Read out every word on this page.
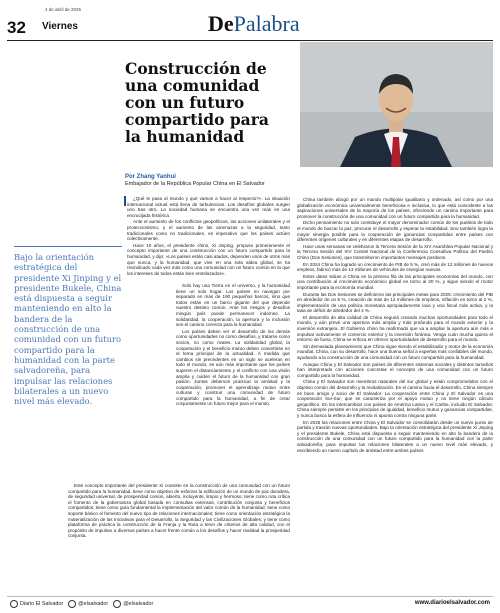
4 de abril de 2025
32 Viernes	DePalabra
Construcción de una comunidad con un futuro compartido para la humanidad
Por Zhang Yanhui
Embajador de la República Popular China en El Salvador

¿Qué le pasa al mundo y qué vamos a hacer al respecto?». La situación internacional actual está llena de turbulencias. Los desafíos globales surgen uno tras otro. La sociedad humana se encuentra una vez más en una encrucijada histórica.

Ante el aumento de los conflictos geopolíticos, las acciones unilaterales y el proteccionismo, y el aumento de las amenazas a la seguridad, tanto tradicionales como no tradicionales, es imperativo que los países actúen colectivamente.

Hace 10 años, el presidente chino, Xi Jinping, propuso primeramente el concepto importante de una construcción con un futuro compartido para la humanidad, y dijo: «Los países están casi atados, dependen unos de otros más que nunca, y la humanidad, que vive en una sola aldea global, se ha revindicado cada vez más como una comunidad con un futuro común en la que los intereses de todos están bien entrelazados».

Bajo la orientación estratégica del presidente Xi Jinping y el presidente Bukele, China está dispuesta a seguir manteniendo en alto la bandera de la construcción de una comunidad con un futuro compartido para la humanidad con la parte salvadoreña, para impulsar las relaciones bilaterales a un nuevo nivel más elevado.

Solo hay una Tierra en el universo, y la humanidad tiene un solo hogar. Los países no navegan por separado en más de 190 pequeños barcos, sino que todos están en un barco gigante del que depende nuestro destino común. Ante los riesgos y desafíos mingún país puede permanecer indemne. La solidaridad, la cooperación, la apertura y la inclusión son el camino correcto para la humanidad.

Los países deben ver el desarrollo de los demás como oportunidades no como desafíos, y tratarse como socios, no como rivales. La solidaridad global, la cooperación y el beneficio mutuo deben convertirse en el tema principal de la actualidad. A medida que cambios sin precedentes en un siglo se aceleran en todo el mundo, es aún más importante que los países superen el distanciamiento y el conflicto con una visión amplia y cuiden el futuro de la humanidad con gran pasión. Juntos debemos practicar la amistad y la cooperación, promover el aprendizaje mutuo entre culturas y construir una comunidad de futuro compartido para la humanidad, a fin de crear conjuntamente un futuro mejor para el mundo.

Este concepto importante del presidente Xi consiste en la construcción de una comunidad con un futuro compartido para la humanidad, tiene como objetivo de esforzar la edificación de un mundo de paz duradera, de seguridad universal, de prosperidad común, abierto, incluyente, limpio y hermoso; tiene como ruta crítica el fomento de la gobernanza global basada en consultas extensas, contribución conjunta y beneficios compartidos; tiene como guía fundamental la implementación del valor común de la humanidad; tiene como soporte básico el fomento del nuevo tipo de relaciones internacionales; tiene como orientación estratégica la materialización de las Iniciativas para el Desarrollo, la Seguridad y las Civilizaciones Globales; y tiene como plataforma de práctica la construcción de la Franja y la Ruta a tenor de criterios de alta calidad, con el propósito de impulsar a diversos países a hacer frente común a los desafíos y hacer realidad la prosperidad conjunta.

China también abogó por un mundo multipolar igualitario y ordenado, así como por una globalización económica universalmente beneficiosa e inclusiva, lo que está coincidente a las aspiraciones universales de la mayoría de los países, ofreciendo un camino importante para promover la construcción de una comunidad con un futuro compartido para la humanidad.

Dicho pensamiento no solo constituye el mayor denominador común de los pueblos de todo el mundo de buscar la paz, procurar el desarrollo y esperar la estabilidad, sino también logra la mayor sinergia posible para la cooperación de ganancias compartidas entre países con diferentes orígenes culturales y en diferentes etapas de desarrollo.

Hace unas semanas se celebraron la Tercera Sesión de la XIV Asamblea Popular Nacional y la Tercera Sesión del XIV Comité Nacional de la Conferencia Consultiva Política del Pueblo Chino (Dos Sesiones), que transmitieron importantes mensajes positivos.

En 2024 China ha logrado un crecimiento de PIB de 5 %, creó más de 12 millones de nuevos empleos, fabricó más de 13 millones de vehículos de energías nuevas.

Estos datos sitúan a China en la primera fila de las principales economías del mundo, con una contribución al crecimiento económico global en torno al 30 %, y sigue siendo el motor importante para la economía mundial.

Durante las Dos Sesiones se definieron las principales metas para 2025: crecimiento del PIB en alrededor de un 5 %, creación de más de 12 millones de empleos, inflación en torno al 2 %, implementación de una política monetaria apropiadamente laxa y una fiscal más activa, y la tasa de déficit de alrededor del 4 %.

El desarrollo de alta calidad de China seguirá creando muchas oportunidades para todo el mundo, y aún prevé una apertura más amplia y más profunda para el mundo exterior y la inversión extranjera. El Gobierno chino ha reafirmado que va a ampliar la apertura aún más e impulsar activamente el comercio exterior y la inversión foránea. Venga cuán mucha quiera el entorno de fuera, China se enfoca en ofrecer oportunidades de desarrollo para el mundo.

Sin demasiada planeamiento que China sigue siendo el estabilizador y motor de la economía mundial. China, con su desarrollo, hace una buena señal a expertas más confiables del mundo, ayudando a la construcción de una comunidad con un futuro compartido para la humanidad.

Aunque China y El Salvador son países de diferentes sistemas sociales y distintos tamaños han interpretado con acciones concretas el concepto de una comunidad con un futuro compartido para la humanidad.

China y El Salvador son miembros naturales del sur global y están comprometidos con el objetivo común del desarrollo y la revitalización. En el camino hacia el desarrollo, China siempre es buen amigo y socio de El Salvador. La cooperación entre China y El Salvador es una cooperación Sur-Sur, que se caracteriza por el apoyo mutuo y no tiene ningún cálculo geopolítico. En los intercambios con países de América Latina y el Caribe, incluido El Salvador, China siempre persiste en los principios de igualdad, beneficio mutuo y ganancias compartidas, y nunca busca la esfera de influencia ni apunta contra ninguna parte.

En 2025 las relaciones entre China y El Salvador se consolidarán desde un nuevo punto de partida y traerán nuevas oportunidades. Bajo la orientación estratégica del presidente Xi Jinping y el presidente Bukele, China está dispuesta a seguir manteniendo en alto la bandera de la construcción de una comunidad con un futuro compartido para la humanidad con la parte salvadoreña, para impulsar las relaciones bilaterales a un nuevo nivel más elevado, y escribiendo un nuevo capítulo de amistad entre ambos países.

Diario El Salvador	@elsalvador	@elsalvador	www.diarioelsalvador.com
